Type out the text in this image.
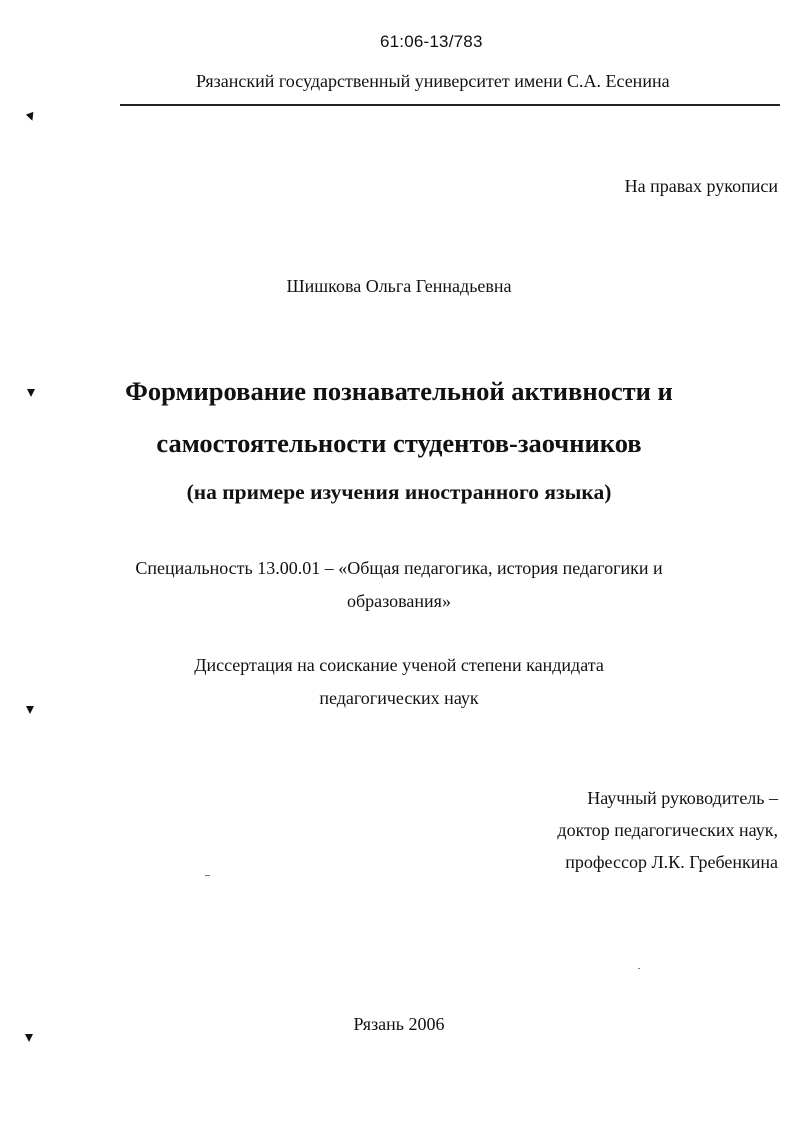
61:06-13/783
Рязанский государственный университет имени С.А. Есенина
На правах рукописи
Шишкова Ольга Геннадьевна
Формирование познавательной активности и
самостоятельности студентов-заочников
(на примере изучения иностранного языка)
Специальность 13.00.01 – «Общая педагогика, история педагогики и
образования»
Диссертация на соискание ученой степени кандидата
педагогических наук
Научный руководитель –
доктор педагогических наук,
профессор Л.К. Гребенкина
Рязань 2006
